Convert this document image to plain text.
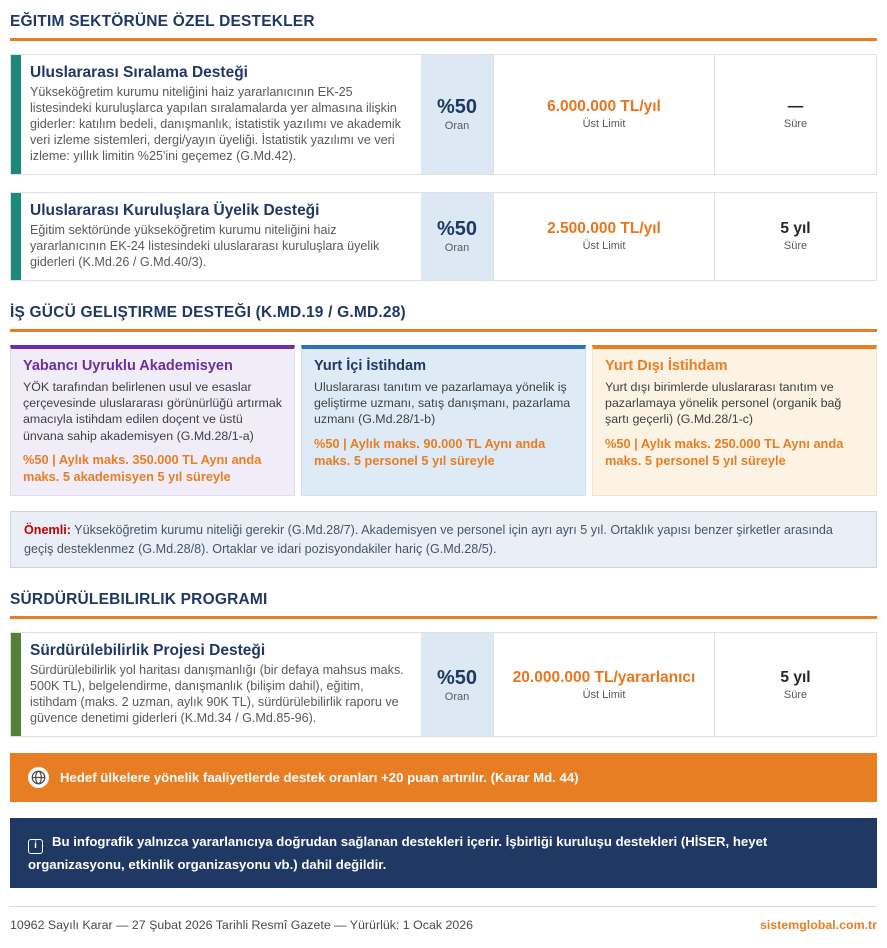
EĞITIM SEKTÖRÜNE ÖZEL DESTEKLER

Uluslararası Sıralama Desteği

Yükseköğretim kurumu niteliğini haiz yararlanıcının EK-25 listesindeki kuruluşlarca yapılan sıralamalarda yer almasına ilişkin giderler: katılım bedeli, danışmanlık, istatistik yazılımı ve akademik veri izleme sistemleri, dergi/yayın üyeliği. İstatistik yazılımı ve veri izleme: yıllık limitin %25'ini geçemez (G.Md.42).

%50
Oran
6.000.000 TL/yıl
Üst Limit
—
Süre

Uluslararası Kuruluşlara Üyelik Desteği

Eğitim sektöründe yükseköğretim kurumu niteliğini haiz yararlanıcının EK-24 listesindeki uluslararası kuruluşlara üyelik giderleri (K.Md.26 / G.Md.40/3).

%50
Oran
2.500.000 TL/yıl
Üst Limit
5 yıl
Süre
İŞ GÜCÜ GELIŞTIRME DESTEĞI (K.MD.19 / G.MD.28)

Yabancı Uyruklu Akademisyen

YÖK tarafından belirlenen usul ve esaslar çerçevesinde uluslararası görünürlüğü artırmak amacıyla istihdam edilen doçent ve üstü ünvana sahip akademisyen (G.Md.28/1-a)

%50 | Aylık maks. 350.000 TL Aynı anda maks. 5 akademisyen 5 yıl süreyle

Yurt İçi İstihdam

Uluslararası tanıtım ve pazarlamaya yönelik iş geliştirme uzmanı, satış danışmanı, pazarlama uzmanı (G.Md.28/1-b)

%50 | Aylık maks. 90.000 TL Aynı anda maks. 5 personel 5 yıl süreyle

Yurt Dışı İstihdam

Yurt dışı birimlerde uluslararası tanıtım ve pazarlamaya yönelik personel (organik bağ şartı geçerli) (G.Md.28/1-c)

%50 | Aylık maks. 250.000 TL Aynı anda maks. 5 personel 5 yıl süreyle

Önemli: Yükseköğretim kurumu niteliği gerekir (G.Md.28/7). Akademisyen ve personel için ayrı ayrı 5 yıl. Ortaklık yapısı benzer şirketler arasında geçiş desteklenmez (G.Md.28/8). Ortaklar ve idari pozisyondakiler hariç (G.Md.28/5).
SÜRDÜRÜLEBILIRLIK PROGRAMI

Sürdürülebilirlik Projesi Desteği

Sürdürülebilirlik yol haritası danışmanlığı (bir defaya mahsus maks. 500K TL), belgelendirme, danışmanlık (bilişim dahil), eğitim, istihdam (maks. 2 uzman, aylık 90K TL), sürdürülebilirlik raporu ve güvence denetimi giderleri (K.Md.34 / G.Md.85-96).

%50
Oran
20.000.000 TL/yararlanıcı
Üst Limit
5 yıl
Süre
Hedef ülkelere yönelik faaliyetlerde destek oranları +20 puan artırılır. (Karar Md. 44)
i Bu infografik yalnızca yararlanıcıya doğrudan sağlanan destekleri içerir. İşbirliği kuruluşu destekleri (HİSER, heyet organizasyonu, etkinlik organizasyonu vb.) dahil değildir.
10962 Sayılı Karar — 27 Şubat 2026 Tarihli Resmî Gazete — Yürürlük: 1 Ocak 2026	sistemglobal.com.tr
